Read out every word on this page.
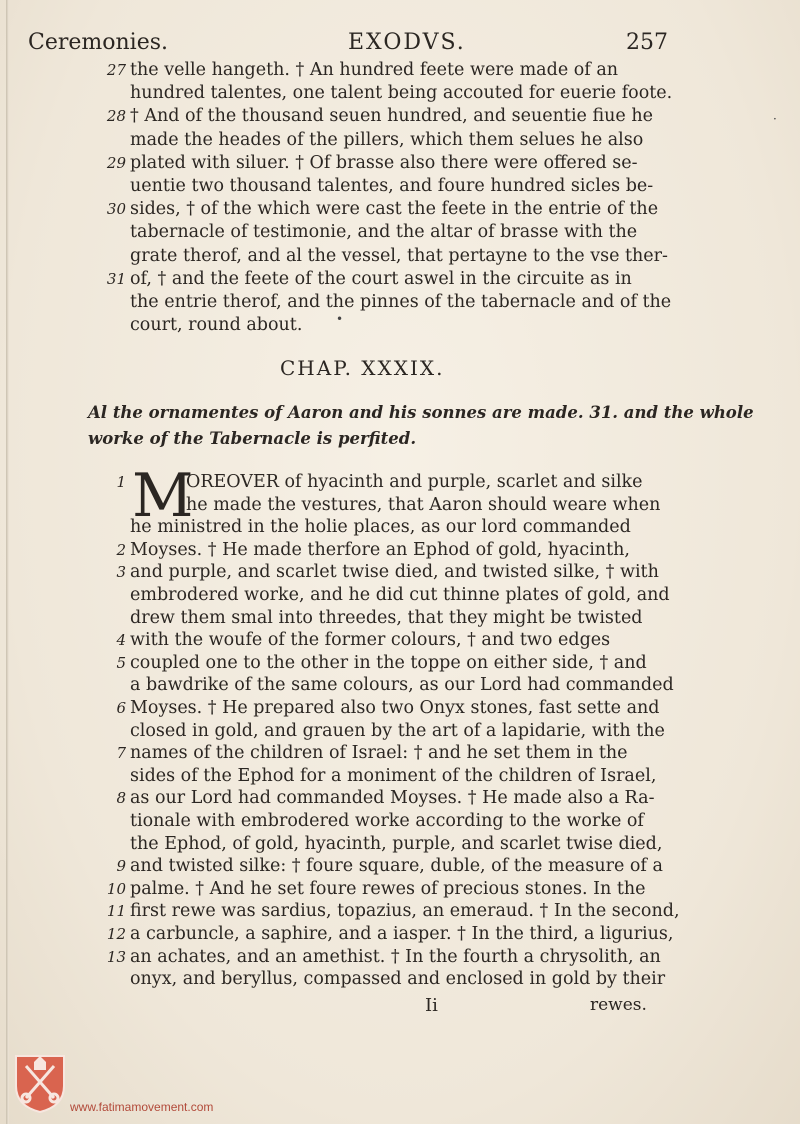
Ceremonies.	EXODVS.	257
27 the velle hangeth. † An hundred feete were made of an
hundred talentes, one talent being accouted for euerie foote.
28 † And of the thousand seuen hundred, and seuentie fiue he
made the heades of the pillers, which them selues he also
29 plated with siluer. † Of brasse also there were offered se-
uentie two thousand talentes, and foure hundred sicles be-
30 sides, † of the which were cast the feete in the entrie of the
tabernacle of testimonie, and the altar of brasse with the
grate therof, and al the vessel, that pertayne to the vse ther-
31 of, † and the feete of the court aswel in the circuite as in
the entrie therof, and the pinnes of the tabernacle and of the
court, round about.
CHAP. XXXIX.
Al the ornamentes of Aaron and his sonnes are made. 31. and the whole
worke of the Tabernacle is perfited.
M
1	OREOVER of hyacinth and purple, scarlet and silke
he made the vestures, that Aaron should weare when
he ministred in the holie places, as our lord commanded
2 Moyses. † He made therfore an Ephod of gold, hyacinth,
3 and purple, and scarlet twise died, and twisted silke, † with
embrodered worke, and he did cut thinne plates of gold, and
drew them smal into threedes, that they might be twisted
4 with the woufe of the former colours, † and two edges
5 coupled one to the other in the toppe on either side, † and
a bawdrike of the same colours, as our Lord had commanded
6 Moyses. † He prepared also two Onyx stones, fast sette and
closed in gold, and grauen by the art of a lapidarie, with the
7 names of the children of Israel: † and he set them in the
sides of the Ephod for a moniment of the children of Israel,
8 as our Lord had commanded Moyses. † He made also a Ra-
tionale with embrodered worke according to the worke of
the Ephod, of gold, hyacinth, purple, and scarlet twise died,
9 and twisted silke: † foure square, duble, of the measure of a
10 palme. † And he set foure rewes of precious stones. In the
11 first rewe was sardius, topazius, an emeraud. † In the second,
12 a carbuncle, a saphire, and a iasper. † In the third, a ligurius,
13 an achates, and an amethist. † In the fourth a chrysolith, an
onyx, and beryllus, compassed and enclosed in gold by their
Ii	rewes.
·
•
www.fatimamovement.com
